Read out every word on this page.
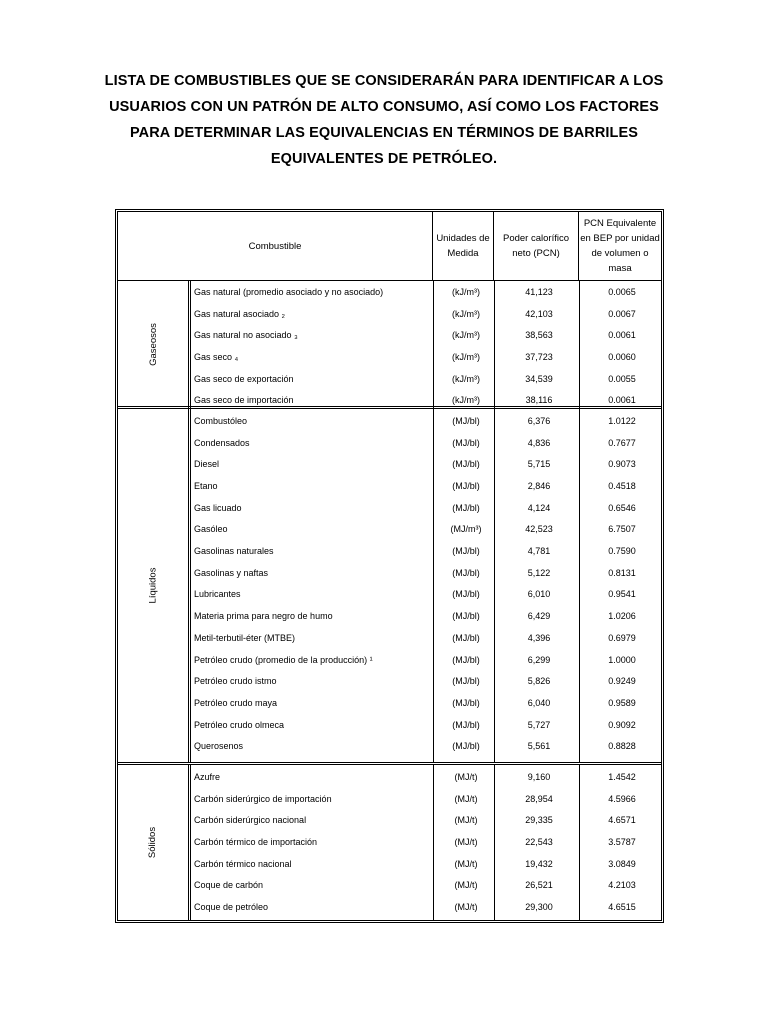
LISTA DE COMBUSTIBLES QUE SE CONSIDERARÁN PARA IDENTIFICAR A LOS USUARIOS CON UN PATRÓN DE ALTO CONSUMO, ASÍ COMO LOS FACTORES PARA DETERMINAR LAS EQUIVALENCIAS EN TÉRMINOS DE BARRILES EQUIVALENTES DE PETRÓLEO.
Combustible
Unidades de Medida
Poder calorífico neto (PCN)
PCN Equivalente en BEP por unidad de volumen o masa
Gaseosos
Gas natural (promedio asociado y no asociado)	(kJ/m³)	41,123	0.0065
Gas natural asociado ₂	(kJ/m³)	42,103	0.0067
Gas natural no asociado ₃	(kJ/m³)	38,563	0.0061
Gas seco ₄	(kJ/m³)	37,723	0.0060
Gas seco de exportación	(kJ/m³)	34,539	0.0055
Gas seco de importación	(kJ/m³)	38,116	0.0061
Líquidos
Combustóleo	(MJ/bl)	6,376	1.0122
Condensados	(MJ/bl)	4,836	0.7677
Diesel	(MJ/bl)	5,715	0.9073
Etano	(MJ/bl)	2,846	0.4518
Gas licuado	(MJ/bl)	4,124	0.6546
Gasóleo	(MJ/m³)	42,523	6.7507
Gasolinas naturales	(MJ/bl)	4,781	0.7590
Gasolinas y naftas	(MJ/bl)	5,122	0.8131
Lubricantes	(MJ/bl)	6,010	0.9541
Materia prima para negro de humo	(MJ/bl)	6,429	1.0206
Metil-terbutil-éter (MTBE)	(MJ/bl)	4,396	0.6979
Petróleo crudo (promedio de la producción) ¹	(MJ/bl)	6,299	1.0000
Petróleo crudo istmo	(MJ/bl)	5,826	0.9249
Petróleo crudo maya	(MJ/bl)	6,040	0.9589
Petróleo crudo olmeca	(MJ/bl)	5,727	0.9092
Querosenos	(MJ/bl)	5,561	0.8828
Sólidos
Azufre	(MJ/t)	9,160	1.4542
Carbón siderúrgico de importación	(MJ/t)	28,954	4.5966
Carbón siderúrgico nacional	(MJ/t)	29,335	4.6571
Carbón térmico de importación	(MJ/t)	22,543	3.5787
Carbón térmico nacional	(MJ/t)	19,432	3.0849
Coque de carbón	(MJ/t)	26,521	4.2103
Coque de petróleo	(MJ/t)	29,300	4.6515
